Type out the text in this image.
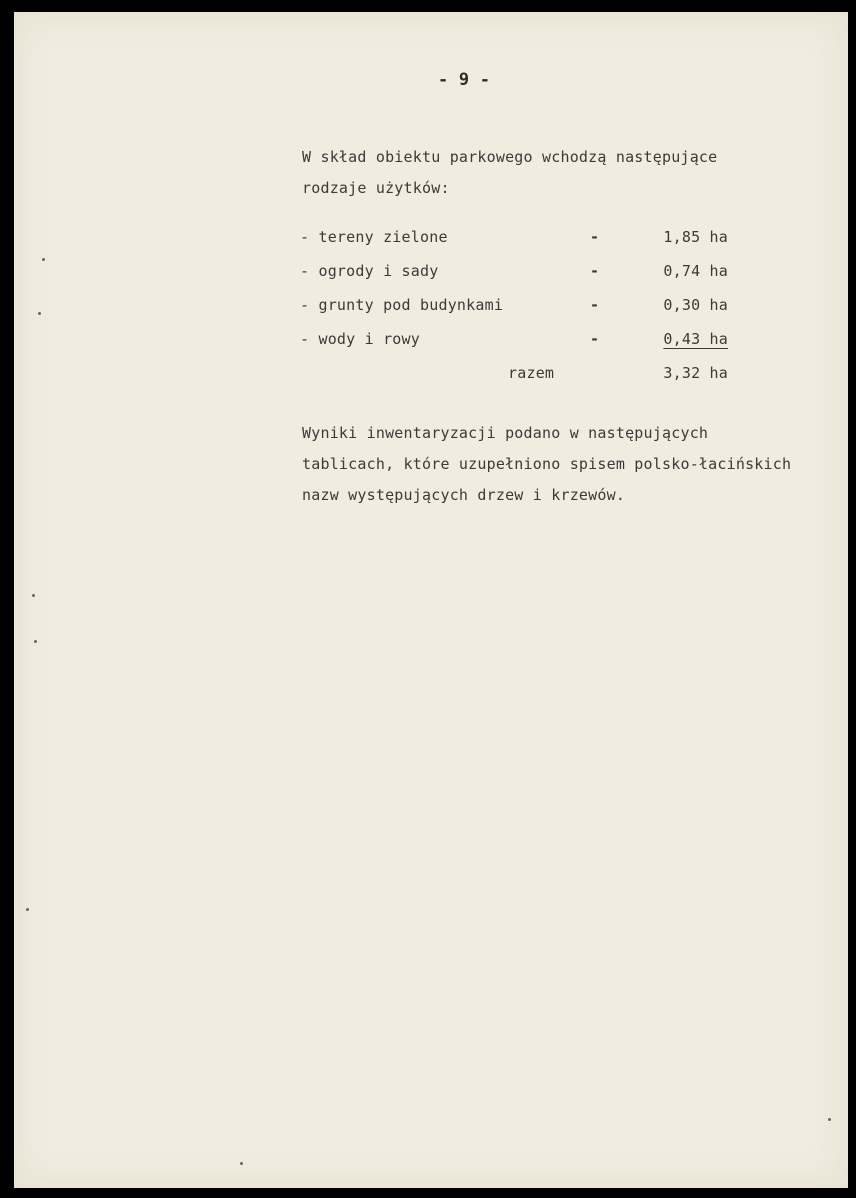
- 9 -
W skład obiektu parkowego wchodzą następujące
rodzaje użytków:
- tereny zielone	-	1,85 ha
- ogrody i sady	-	0,74 ha
- grunty pod budynkami	-	0,30 ha
- wody i rowy	-	0,43 ha
razem	3,32 ha
Wyniki inwentaryzacji podano w następujących
tablicach, które uzupełniono spisem polsko-łacińskich
nazw występujących drzew i krzewów.
